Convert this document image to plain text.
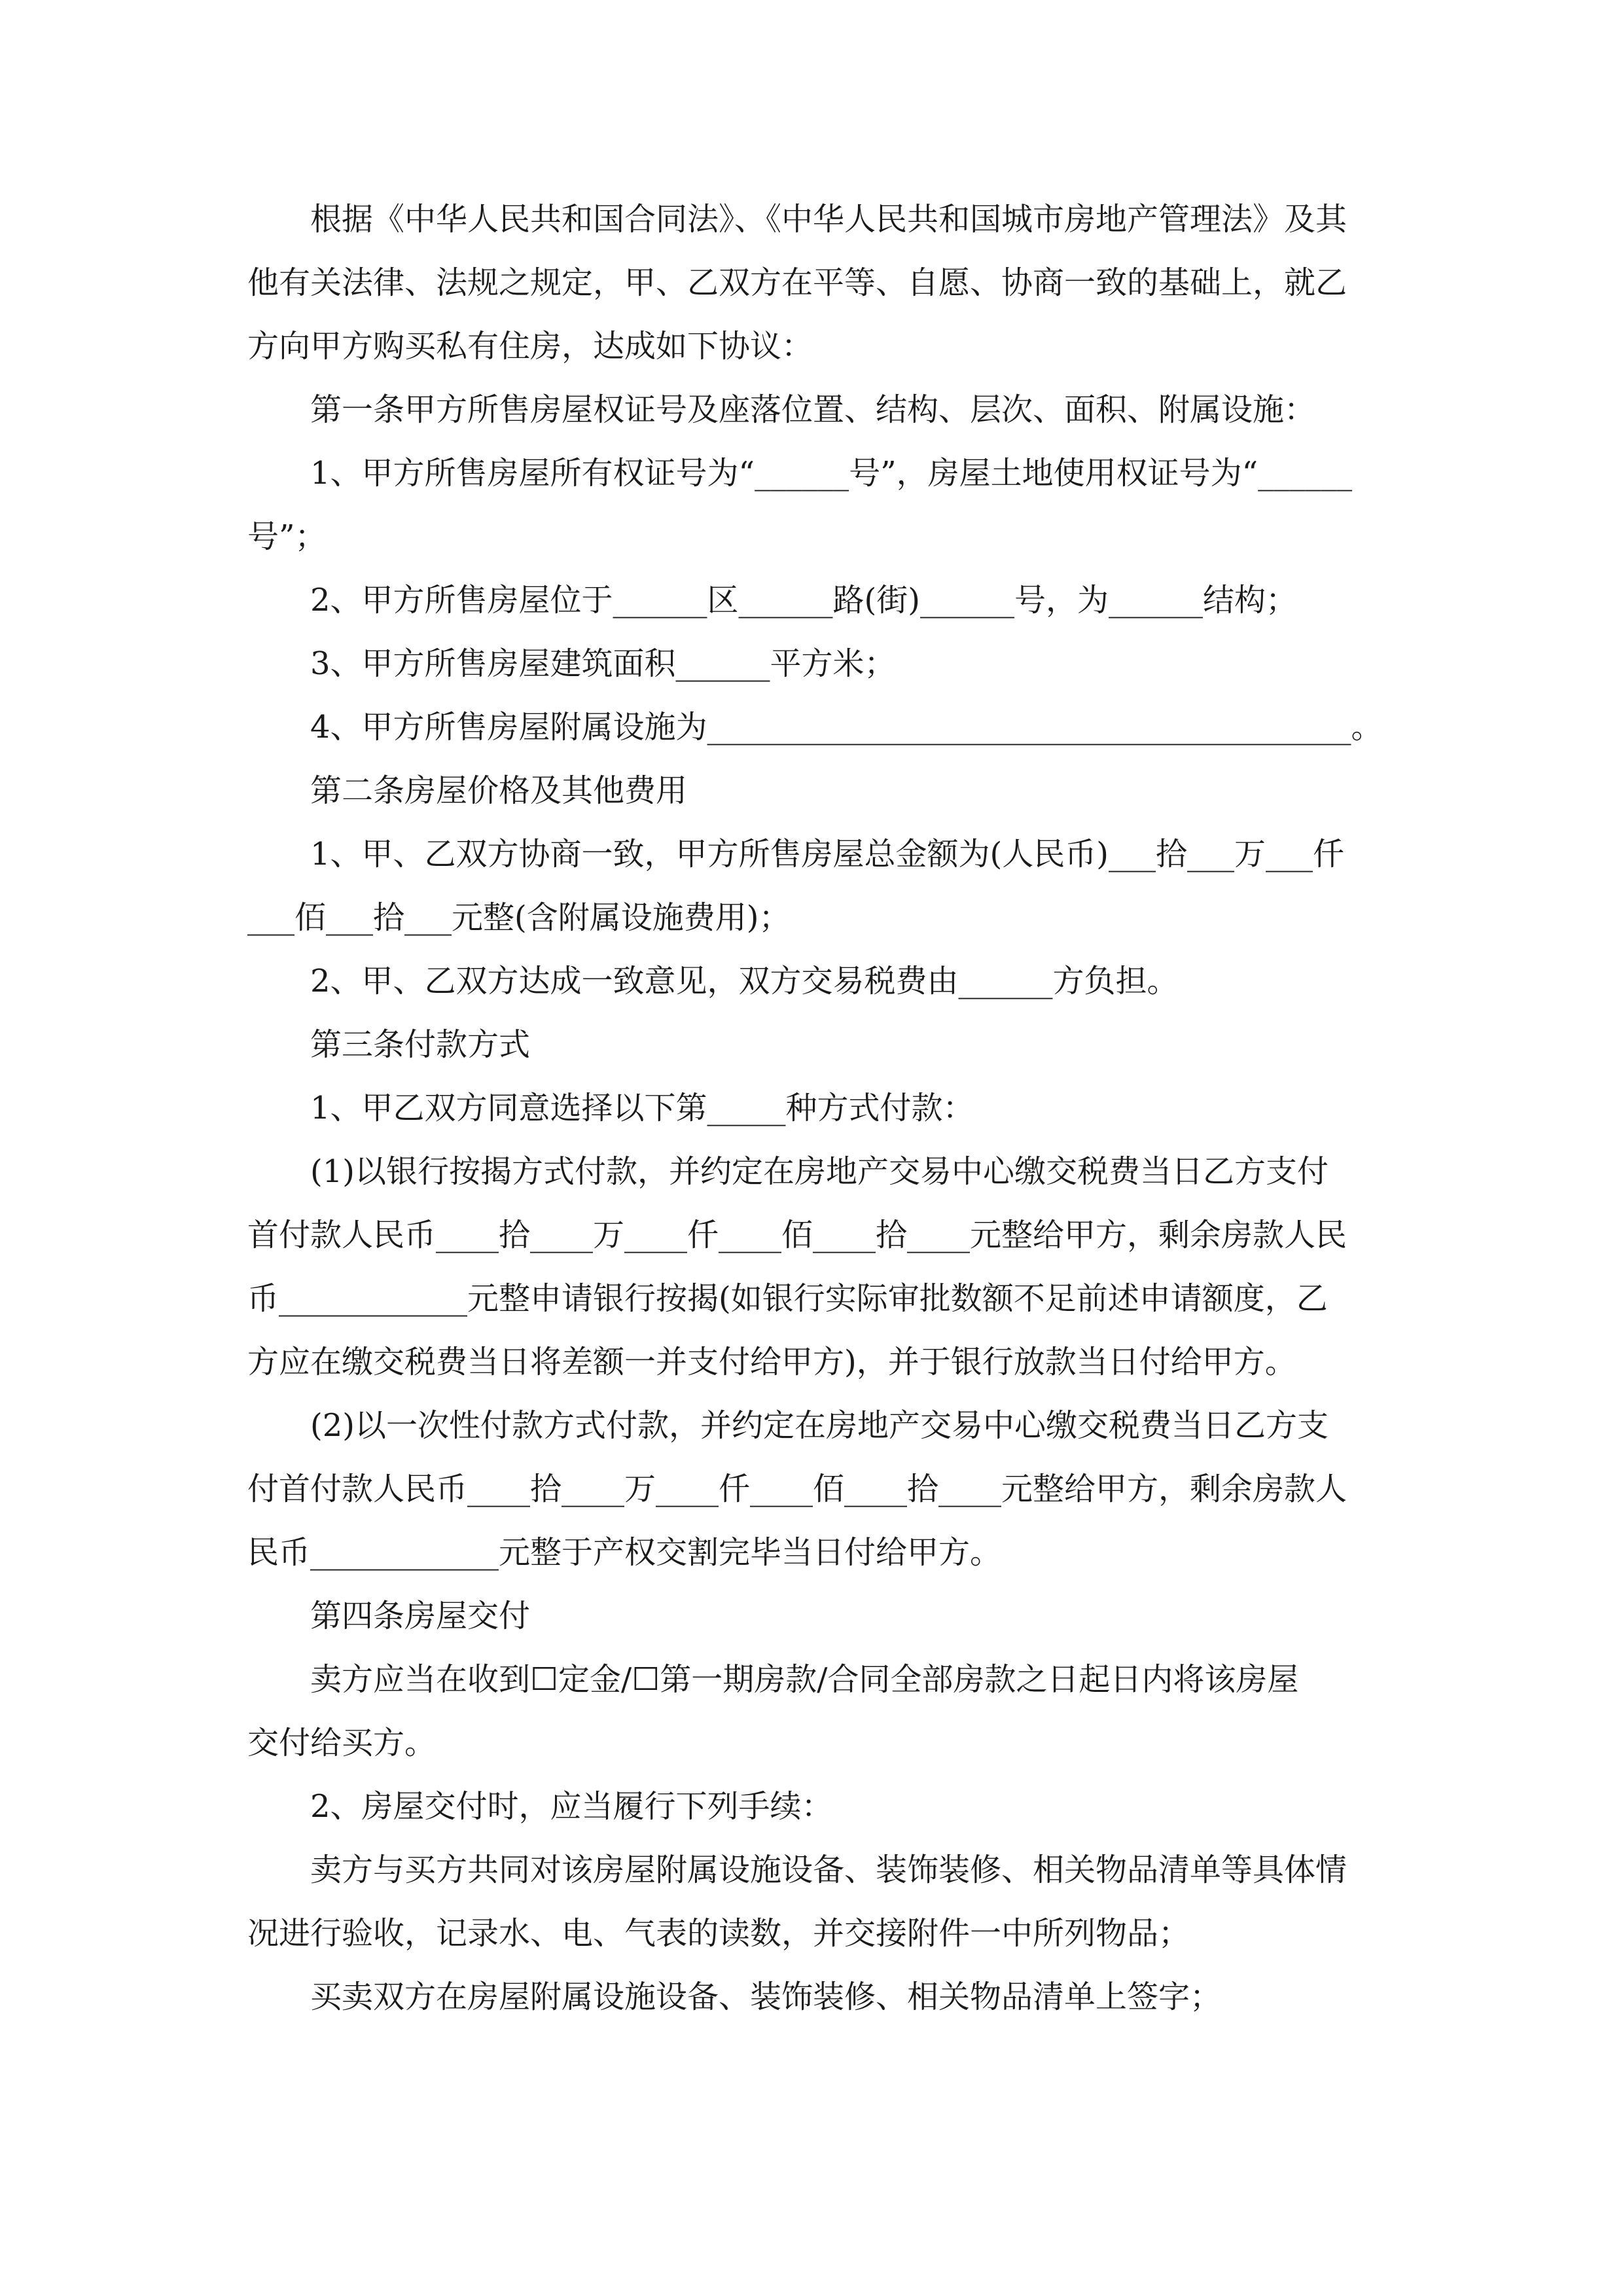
根据《中华人民共和国合同法》、《中华人民共和国城市房地产管理法》及其
他有关法律、法规之规定，甲、乙双方在平等、自愿、协商一致的基础上，就乙
方向甲方购买私有住房，达成如下协议：
第一条甲方所售房屋权证号及座落位置、结构、层次、面积、附属设施：
1、甲方所售房屋所有权证号为“______号”，房屋土地使用权证号为“______
号”；
2、甲方所售房屋位于______区______路(街)______号，为______结构；
3、甲方所售房屋建筑面积______平方米；
4、甲方所售房屋附属设施为_________________________________________。
第二条房屋价格及其他费用
1、甲、乙双方协商一致，甲方所售房屋总金额为(人民币)___拾___万___仟
___佰___拾___元整(含附属设施费用)；
2、甲、乙双方达成一致意见，双方交易税费由______方负担。
第三条付款方式
1、甲乙双方同意选择以下第_____种方式付款：
(1)以银行按揭方式付款，并约定在房地产交易中心缴交税费当日乙方支付
首付款人民币____拾____万____仟____佰____拾____元整给甲方，剩余房款人民
币____________元整申请银行按揭(如银行实际审批数额不足前述申请额度，乙
方应在缴交税费当日将差额一并支付给甲方)，并于银行放款当日付给甲方。
(2)以一次性付款方式付款，并约定在房地产交易中心缴交税费当日乙方支
付首付款人民币____拾____万____仟____佰____拾____元整给甲方，剩余房款人
民币____________元整于产权交割完毕当日付给甲方。
第四条房屋交付
卖方应当在收到☐定金/☐第一期房款/合同全部房款之日起日内将该房屋
交付给买方。
2、房屋交付时，应当履行下列手续：
卖方与买方共同对该房屋附属设施设备、装饰装修、相关物品清单等具体情
况进行验收，记录水、电、气表的读数，并交接附件一中所列物品；
买卖双方在房屋附属设施设备、装饰装修、相关物品清单上签字；
